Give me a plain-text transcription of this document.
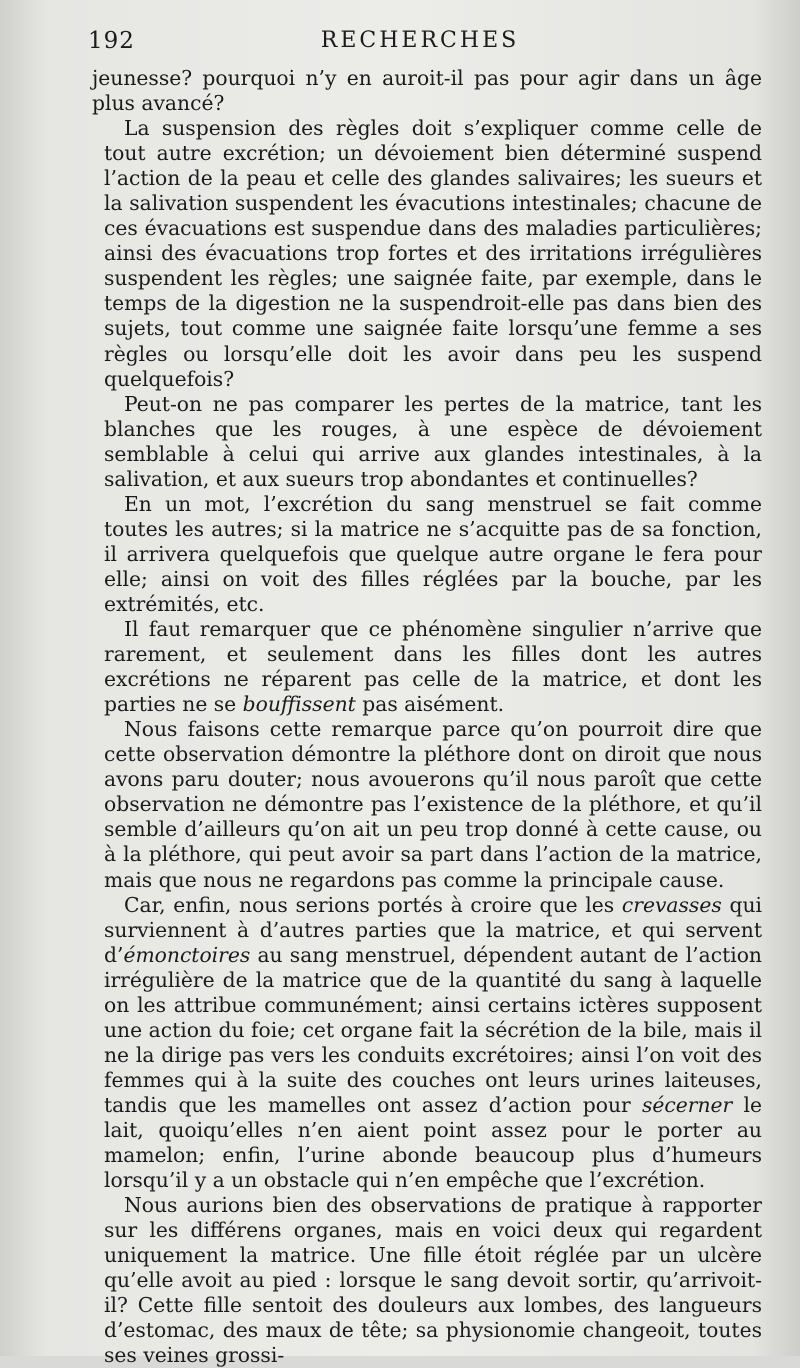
192	RECHERCHES

jeunesse? pourquoi n’y en auroit-il pas pour agir dans un âge plus avancé?

La suspension des règles doit s’expliquer comme celle de tout autre excrétion; un dévoiement bien déterminé suspend l’action de la peau et celle des glandes salivaires; les sueurs et la salivation suspendent les évacutions intestinales; chacune de ces évacuations est suspendue dans des maladies particulières; ainsi des évacuations trop fortes et des irritations irrégulières suspendent les règles; une saignée faite, par exemple, dans le temps de la digestion ne la suspendroit-elle pas dans bien des sujets, tout comme une saignée faite lorsqu’une femme a ses règles ou lorsqu’elle doit les avoir dans peu les suspend quelquefois?

Peut-on ne pas comparer les pertes de la matrice, tant les blanches que les rouges, à une espèce de dévoiement semblable à celui qui arrive aux glandes intestinales, à la salivation, et aux sueurs trop abondantes et continuelles?

En un mot, l’excrétion du sang menstruel se fait comme toutes les autres; si la matrice ne s’acquitte pas de sa fonction, il arrivera quelquefois que quelque autre organe le fera pour elle; ainsi on voit des filles réglées par la bouche, par les extrémités, etc.

Il faut remarquer que ce phénomène singulier n’arrive que rarement, et seulement dans les filles dont les autres excrétions ne réparent pas celle de la matrice, et dont les parties ne se bouffissent pas aisément.

Nous faisons cette remarque parce qu’on pourroit dire que cette observation démontre la pléthore dont on diroit que nous avons paru douter; nous avouerons qu’il nous paroît que cette observation ne démontre pas l’existence de la pléthore, et qu’il semble d’ailleurs qu’on ait un peu trop donné à cette cause, ou à la pléthore, qui peut avoir sa part dans l’action de la matrice, mais que nous ne regardons pas comme la principale cause.

Car, enfin, nous serions portés à croire que les crevasses qui surviennent à d’autres parties que la matrice, et qui servent d’émonctoires au sang menstruel, dépendent autant de l’action irrégulière de la matrice que de la quantité du sang à laquelle on les attribue communément; ainsi certains ictères supposent une action du foie; cet organe fait la sécrétion de la bile, mais il ne la dirige pas vers les conduits excrétoires; ainsi l’on voit des femmes qui à la suite des couches ont leurs urines laiteuses, tandis que les mamelles ont assez d’action pour sécerner le lait, quoiqu’elles n’en aient point assez pour le porter au mamelon; enfin, l’urine abonde beaucoup plus d’humeurs lorsqu’il y a un obstacle qui n’en empêche que l’excrétion.

Nous aurions bien des observations de pratique à rapporter sur les différens organes, mais en voici deux qui regardent uniquement la matrice. Une fille étoit réglée par un ulcère qu’elle avoit au pied : lorsque le sang devoit sortir, qu’arrivoit-il? Cette fille sentoit des douleurs aux lombes, des langueurs d’estomac, des maux de tête; sa physionomie changeoit, toutes ses veines grossi-
